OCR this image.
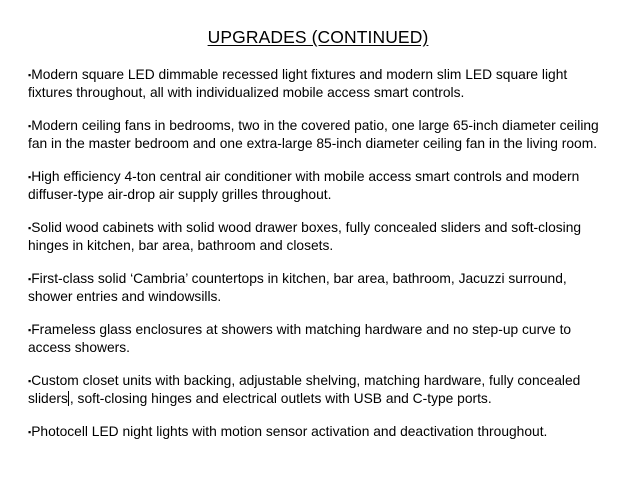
UPGRADES (CONTINUED)
▪Modern square LED dimmable recessed light fixtures and modern slim LED square light fixtures throughout, all with individualized mobile access smart controls.
▪Modern ceiling fans in bedrooms, two in the covered patio, one large 65-inch diameter ceiling fan in the master bedroom and one extra-large 85-inch diameter ceiling fan in the living room.
▪High efficiency 4-ton central air conditioner with mobile access smart controls and modern diffuser-type air-drop air supply grilles throughout.
▪Solid wood cabinets with solid wood drawer boxes, fully concealed sliders and soft-closing hinges in kitchen, bar area, bathroom and closets.
▪First-class solid ‘Cambria’ countertops in kitchen, bar area, bathroom, Jacuzzi surround, shower entries and windowsills.
▪Frameless glass enclosures at showers with matching hardware and no step-up curve to access showers.
▪Custom closet units with backing, adjustable shelving, matching hardware, fully concealed sliders , soft-closing hinges and electrical outlets with USB and C-type ports.
▪Photocell LED night lights with motion sensor activation and deactivation throughout.
